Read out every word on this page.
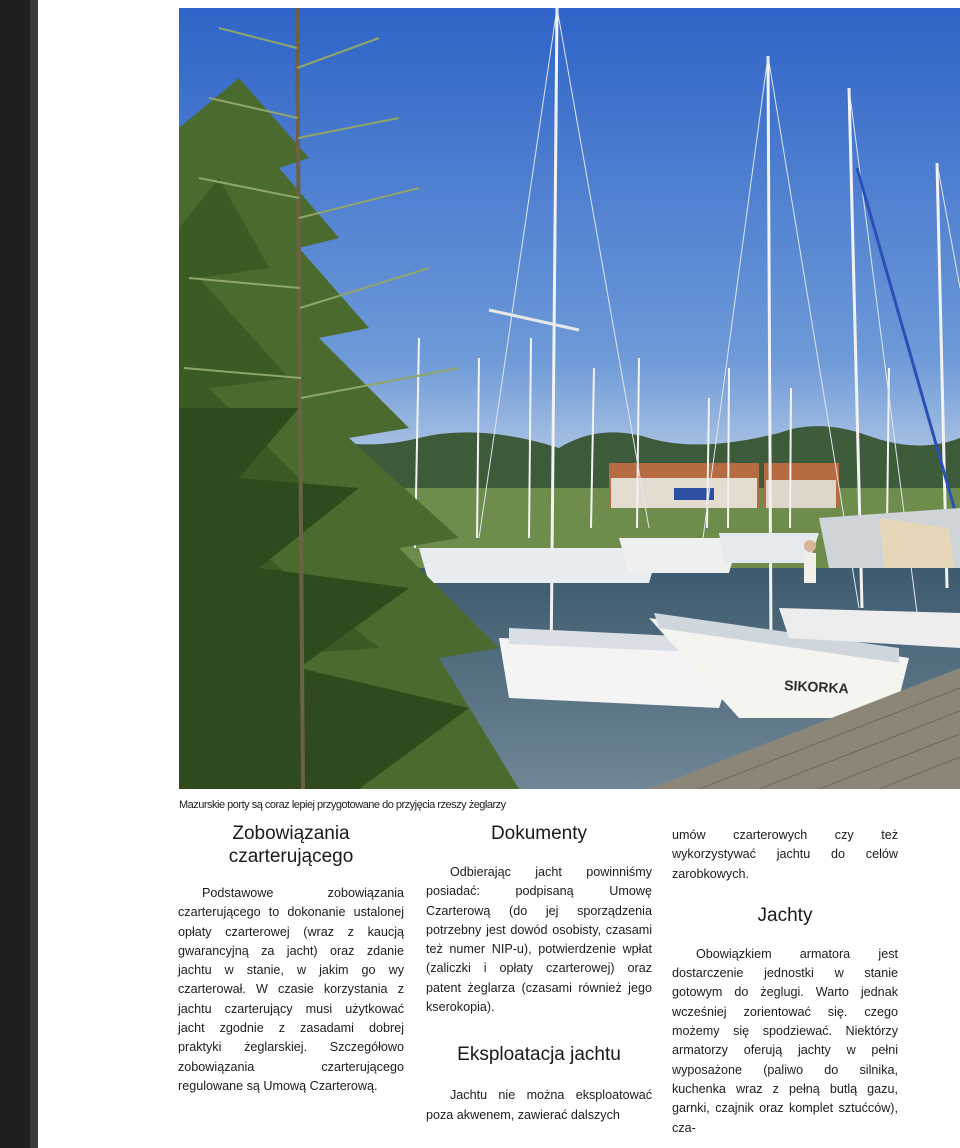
SIKORKA
Mazurskie porty są coraz lepiej przygotowane do przyjęcia rzeszy żeglarzy
Zobowiązania
czarterującego

Podstawowe zobowiązania czarterującego to dokonanie ustalonej opłaty czarterowej (wraz z kaucją gwarancyjną za jacht) oraz zdanie jachtu w stanie, w jakim go wy czarterował. W czasie korzystania z jachtu czarterujący musi użytkować jacht zgodnie z zasadami dobrej praktyki żeglarskiej. Szczegółowo zobowiązania czarterującego regulowane są Umową Czarterową.

Dokumenty

Odbierając jacht powinniśmy posiadać: podpisaną Umowę Czarterową (do jej sporządzenia potrzebny jest dowód osobisty, czasami też numer NIP-u), potwierdzenie wpłat (zaliczki i opłaty czarterowej) oraz patent żeglarza (czasami również jego kserokopia).

Eksploatacja jachtu

Jachtu nie można eksploatować poza akwenem, zawierać dalszych

umów czarterowych czy też wykorzystywać jachtu do celów zarobkowych.

Jachty

Obowiązkiem armatora jest dostarczenie jednostki w stanie gotowym do żeglugi. Warto jednak wcześniej zorientować się. czego możemy się spodziewać. Niektórzy armatorzy oferują jachty w pełni wyposażone (paliwo do silnika, kuchenka wraz z pełną butlą gazu, garnki, czajnik oraz komplet sztućców), cza-
